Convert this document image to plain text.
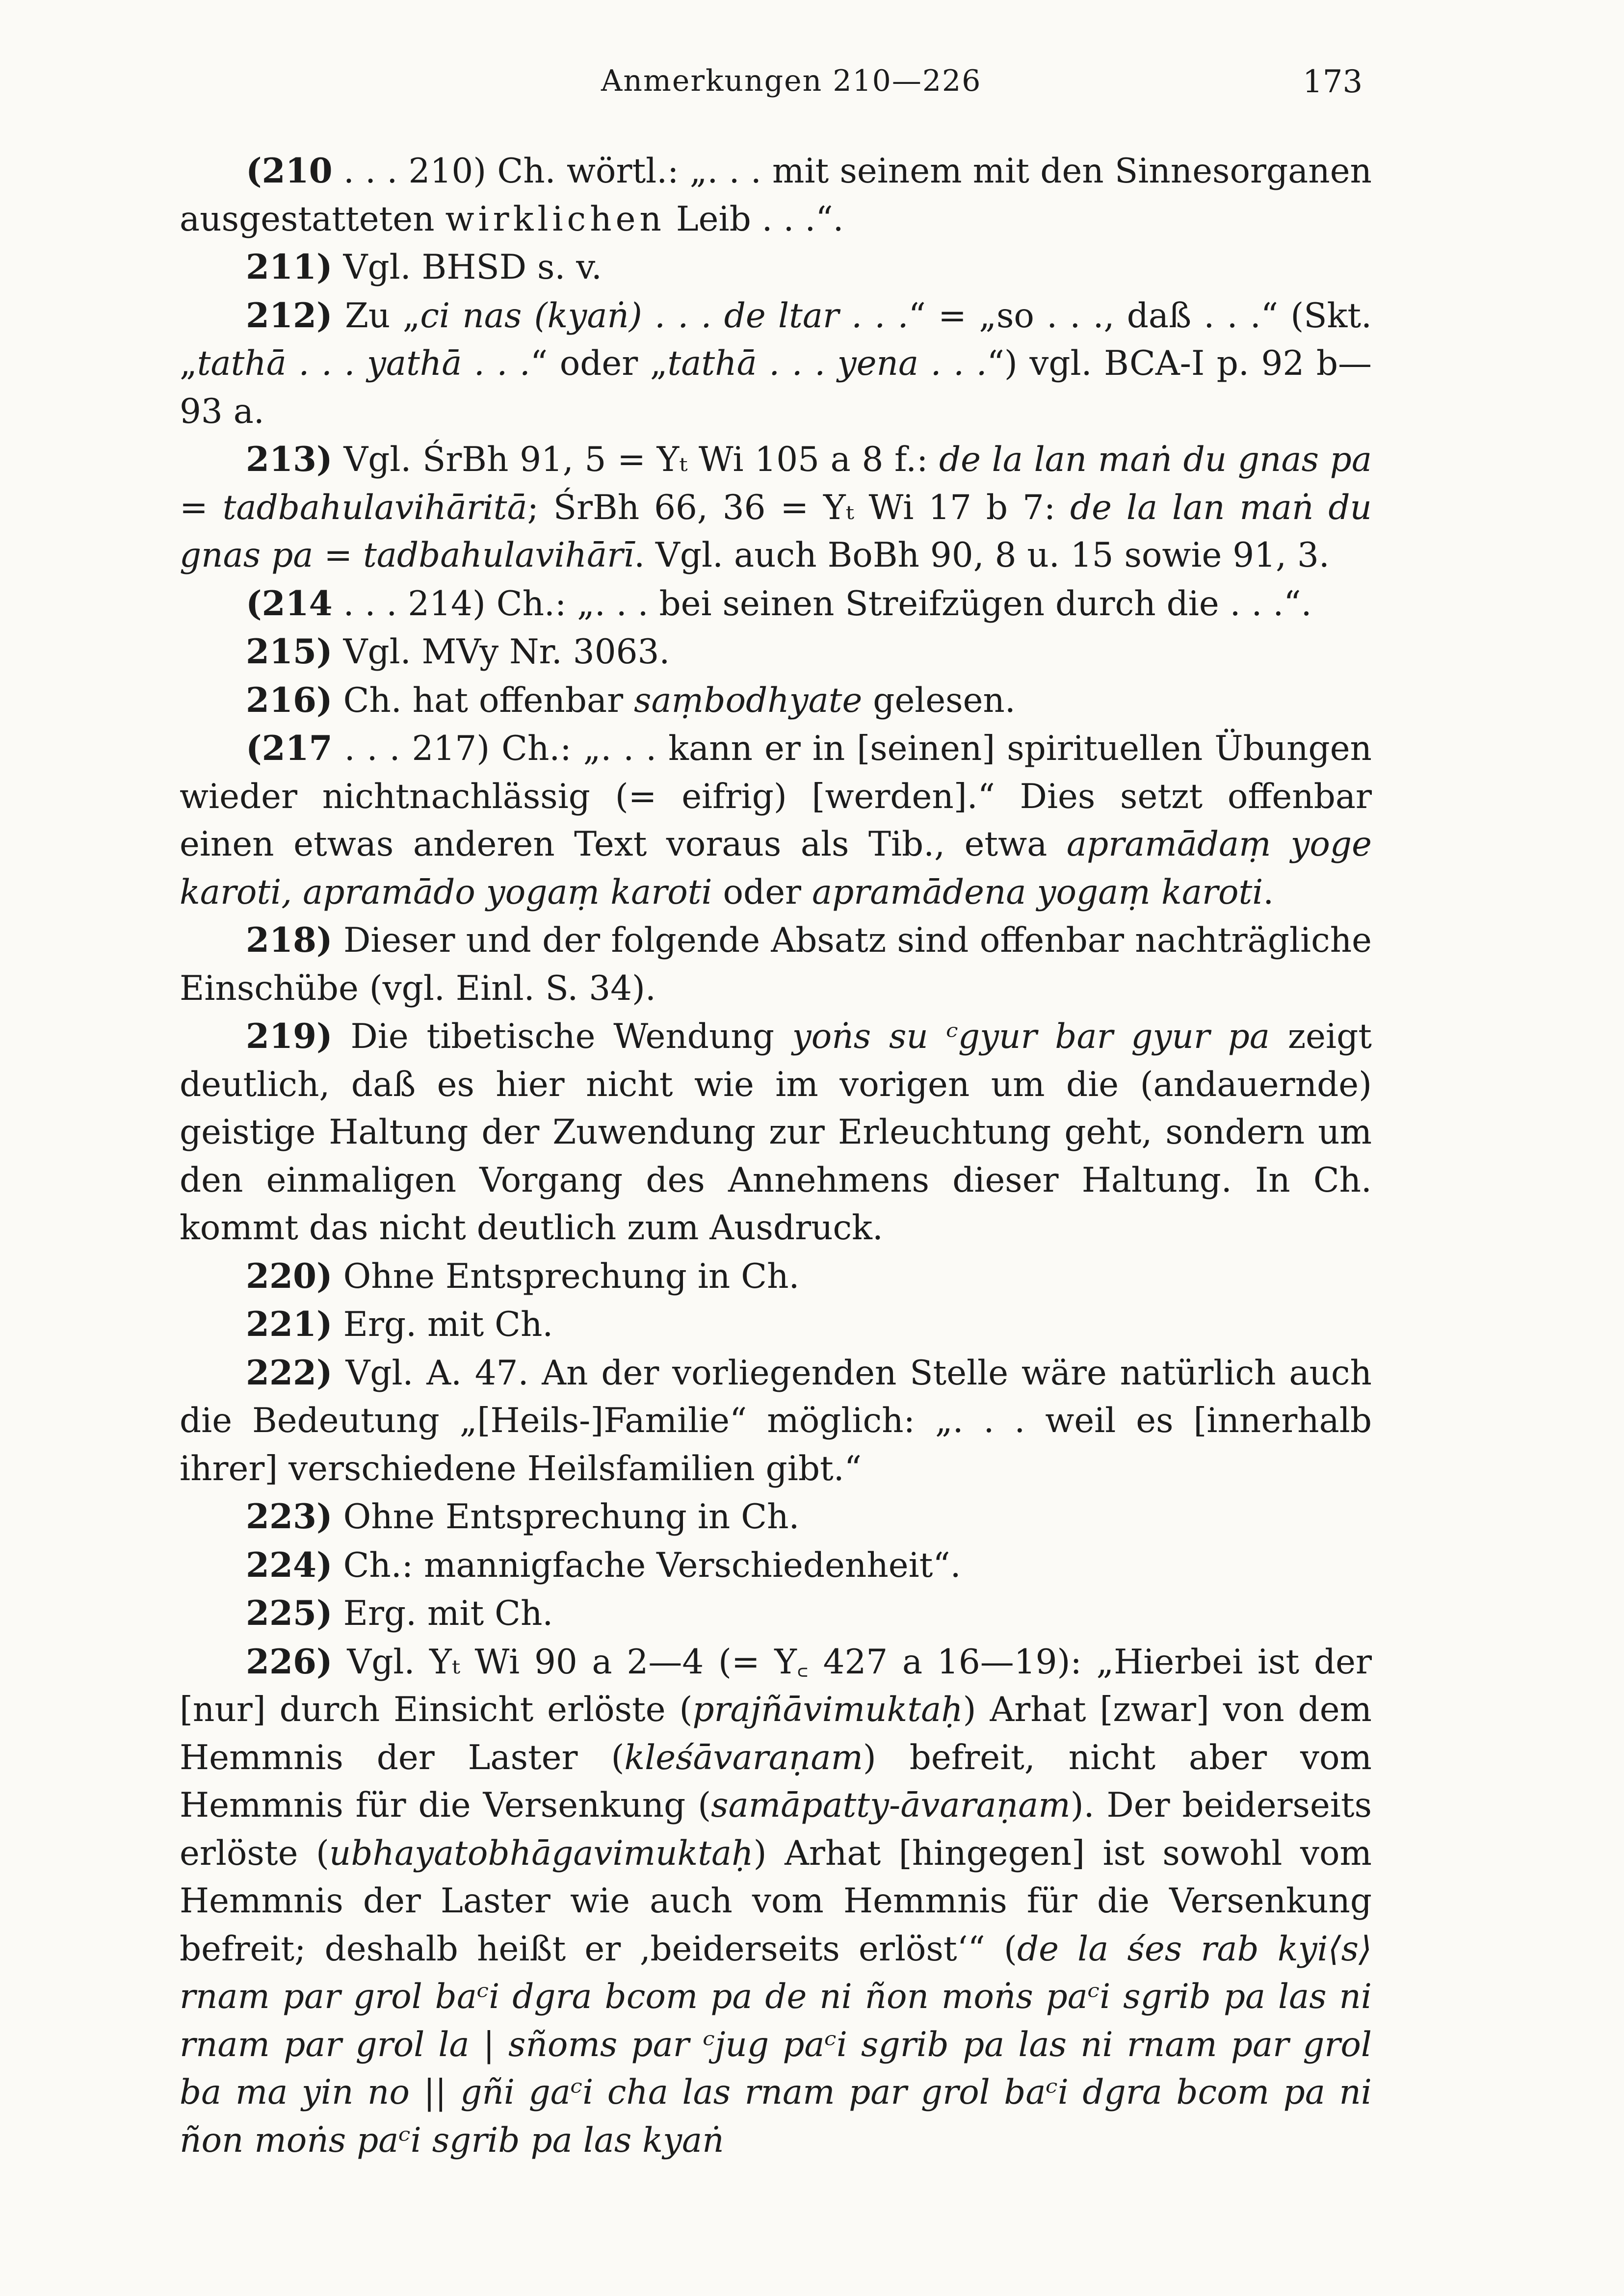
Anmerkungen 210—226	173

(210 . . . 210) Ch. wörtl.: „. . . mit seinem mit den Sinnesorganen ausgestatteten wirklichen Leib . . .“.

211) Vgl. BHSD s. v.

212) Zu „ci nas (kyaṅ) . . . de ltar . . .“ = „so . . ., daß . . .“ (Skt. „tathā . . . yathā . . .“ oder „tathā . . . yena . . .“) vgl. BCA-I p. 92 b—93 a.

213) Vgl. ŚrBh 91, 5 = Yₜ Wi 105 a 8 f.: de la lan maṅ du gnas pa = tadbahulavihāritā; ŚrBh 66, 36 = Yₜ Wi 17 b 7: de la lan maṅ du gnas pa = tadbahulavihārī. Vgl. auch BoBh 90, 8 u. 15 sowie 91, 3.

(214 . . . 214) Ch.: „. . . bei seinen Streifzügen durch die . . .“.

215) Vgl. MVy Nr. 3063.

216) Ch. hat offenbar saṃbodhyate gelesen.

(217 . . . 217) Ch.: „. . . kann er in [seinen] spirituellen Übungen wieder nichtnachlässig (= eifrig) [werden].“ Dies setzt offenbar einen etwas anderen Text voraus als Tib., etwa apramādaṃ yoge karoti, apramādo yogaṃ karoti oder apramādena yogaṃ karoti.

218) Dieser und der folgende Absatz sind offenbar nachträgliche Einschübe (vgl. Einl. S. 34).

219) Die tibetische Wendung yoṅs su ᶜgyur bar gyur pa zeigt deutlich, daß es hier nicht wie im vorigen um die (andauernde) geistige Haltung der Zuwendung zur Erleuchtung geht, sondern um den einmaligen Vorgang des Annehmens dieser Haltung. In Ch. kommt das nicht deutlich zum Ausdruck.

220) Ohne Entsprechung in Ch.

221) Erg. mit Ch.

222) Vgl. A. 47. An der vorliegenden Stelle wäre natürlich auch die Bedeutung „[Heils-]Familie“ möglich: „. . . weil es [innerhalb ihrer] verschiedene Heilsfamilien gibt.“

223) Ohne Entsprechung in Ch.

224) Ch.: mannigfache Verschiedenheit“.

225) Erg. mit Ch.

226) Vgl. Yₜ Wi 90 a 2—4 (= Y꜀ 427 a 16—19): „Hierbei ist der [nur] durch Einsicht erlöste (prajñāvimuktaḥ) Arhat [zwar] von dem Hemmnis der Laster (kleśāvaraṇam) befreit, nicht aber vom Hemmnis für die Versenkung (samāpatty-āvaraṇam). Der beiderseits erlöste (ubhayatobhāgavimuktaḥ) Arhat [hingegen] ist sowohl vom Hemmnis der Laster wie auch vom Hemmnis für die Versenkung befreit; deshalb heißt er ‚beiderseits erlöst‘“ (de la śes rab kyi⟨s⟩ rnam par grol baᶜi dgra bcom pa de ni ñon moṅs paᶜi sgrib pa las ni rnam par grol la | sñoms par ᶜjug paᶜi sgrib pa las ni rnam par grol ba ma yin no || gñi gaᶜi cha las rnam par grol baᶜi dgra bcom pa ni ñon moṅs paᶜi sgrib pa las kyaṅ
